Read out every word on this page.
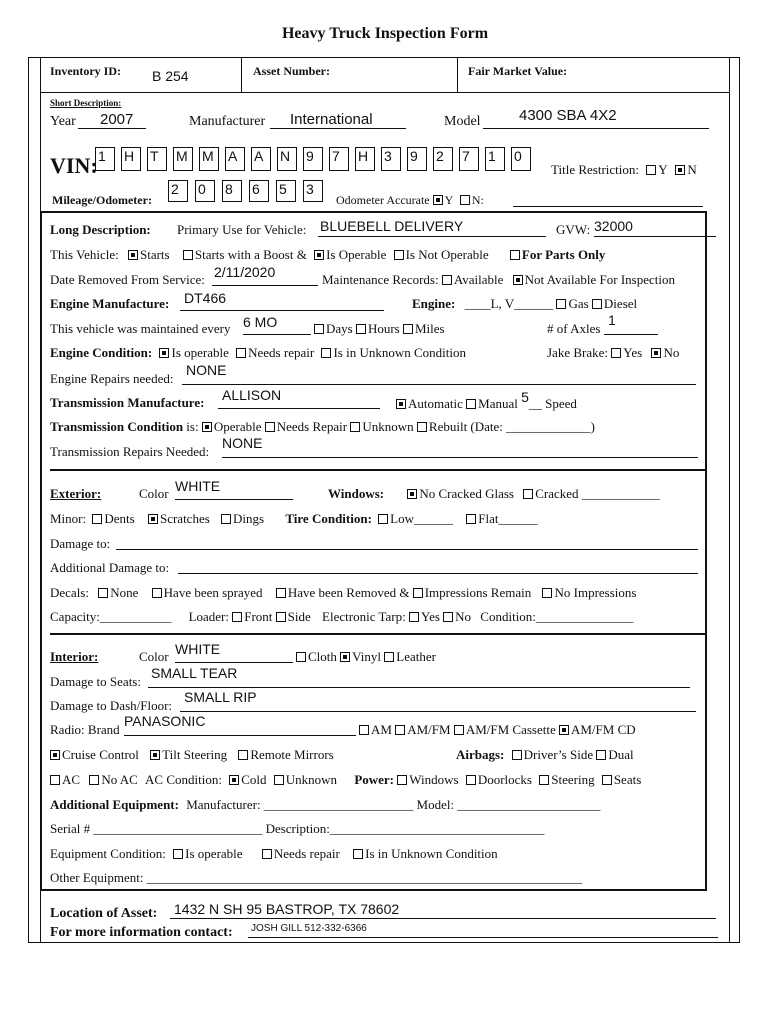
Heavy Truck Inspection Form
Inventory ID: B 254	Asset Number:	Fair Market Value:
Short Description:
Year 2007	Manufacturer International	Model	4300 SBA 4X2
VIN: 1	H	T	M	M	A	A	N	9	7	H	3	9	2	7	1	0
Title Restriction: Y N
Mileage/Odometer:
2	0	8	6	5	3
Odometer Accurate Y N:
Long Description: Primary Use for Vehicle: BLUEBELL DELIVERY	GVW: 32000
This Vehicle: Starts Starts with a Boost & Is Operable Is Not Operable	For Parts Only
Date Removed From Service: 2/11/2020	Maintenance Records: Available Not Available For Inspection
Engine Manufacture: DT466	Engine: ____L, V______ Gas Diesel
This vehicle was maintained every 6 MO	Days Hours Miles	# of Axles
1
Engine Condition: Is operable Needs repair Is in Unknown Condition	Jake Brake: Yes No
Engine Repairs needed:
NONE
Transmission Manufacture: ALLISON
Automatic Manual 5__ Speed
Transmission Condition is: Operable Needs Repair Unknown Rebuilt (Date: _____________)
Transmission Repairs Needed:
NONE
Exterior:	Color WHITE	Windows:	No Cracked Glass Cracked ____________
Minor: Dents Scratches Dings Tire Condition: Low______ Flat______
Damage to:
Additional Damage to:
Decals: None Have been sprayed Have been Removed & Impressions Remain No Impressions
Capacity:___________ Loader: Front Side Electronic Tarp: Yes No Condition:_______________
Interior:	Color WHITE	Cloth Vinyl Leather
Damage to Seats:
SMALL TEAR
Damage to Dash/Floor:
SMALL RIP
Radio: Brand
PANASONIC
AM AM/FM AM/FM Cassette AM/FM CD
Cruise Control Tilt Steering Remote Mirrors	Airbags: Driver’s Side Dual
AC No AC AC Condition: Cold Unknown Power: Windows Doorlocks Steering Seats
Additional Equipment: Manufacturer: _______________________ Model: ______________________
Serial # __________________________ Description:_________________________________
Equipment Condition: Is operable Needs repair Is in Unknown Condition
Other Equipment: ___________________________________________________________________
Location of Asset: 1432 N SH 95 BASTROP, TX 78602
For more information contact: JOSH GILL 512-332-6366
